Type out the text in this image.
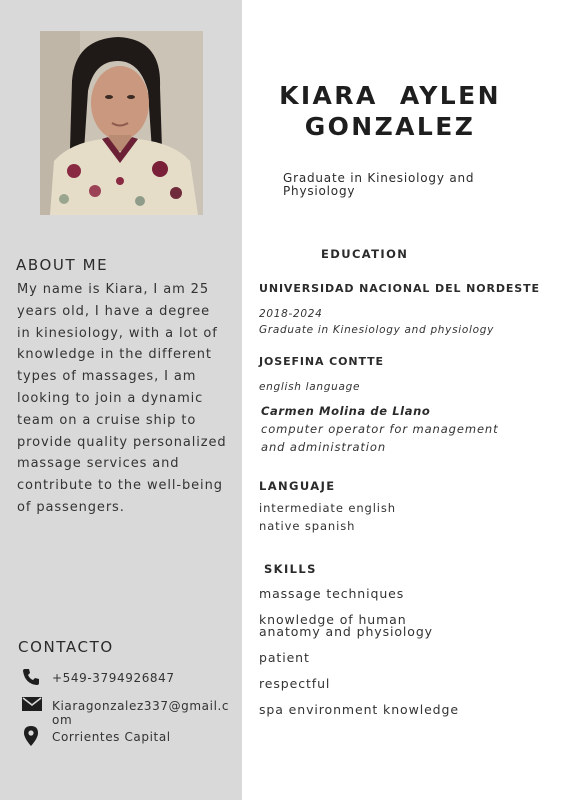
ABOUT ME
My name is Kiara, I am 25 years old, I have a degree in kinesiology, with a lot of knowledge in the different types of massages, I am looking to join a dynamic team on a cruise ship to provide quality personalized massage services and contribute to the well-being of passengers.
CONTACTO
+549-3794926847
Kiaragonzalez337@gmail.com
Corrientes Capital
KIARA  AYLEN
GONZALEZ
Graduate in Kinesiology and Physiology
EDUCATION
UNIVERSIDAD NACIONAL DEL NORDESTE
2018-2024
Graduate in Kinesiology and physiology
JOSEFINA CONTTE
english language
Carmen Molina de Llano
computer operator for management and administration
LANGUAJE
intermediate english
native spanish
SKILLS
massage techniques
knowledge of human anatomy and physiology
patient
respectful
spa environment knowledge
